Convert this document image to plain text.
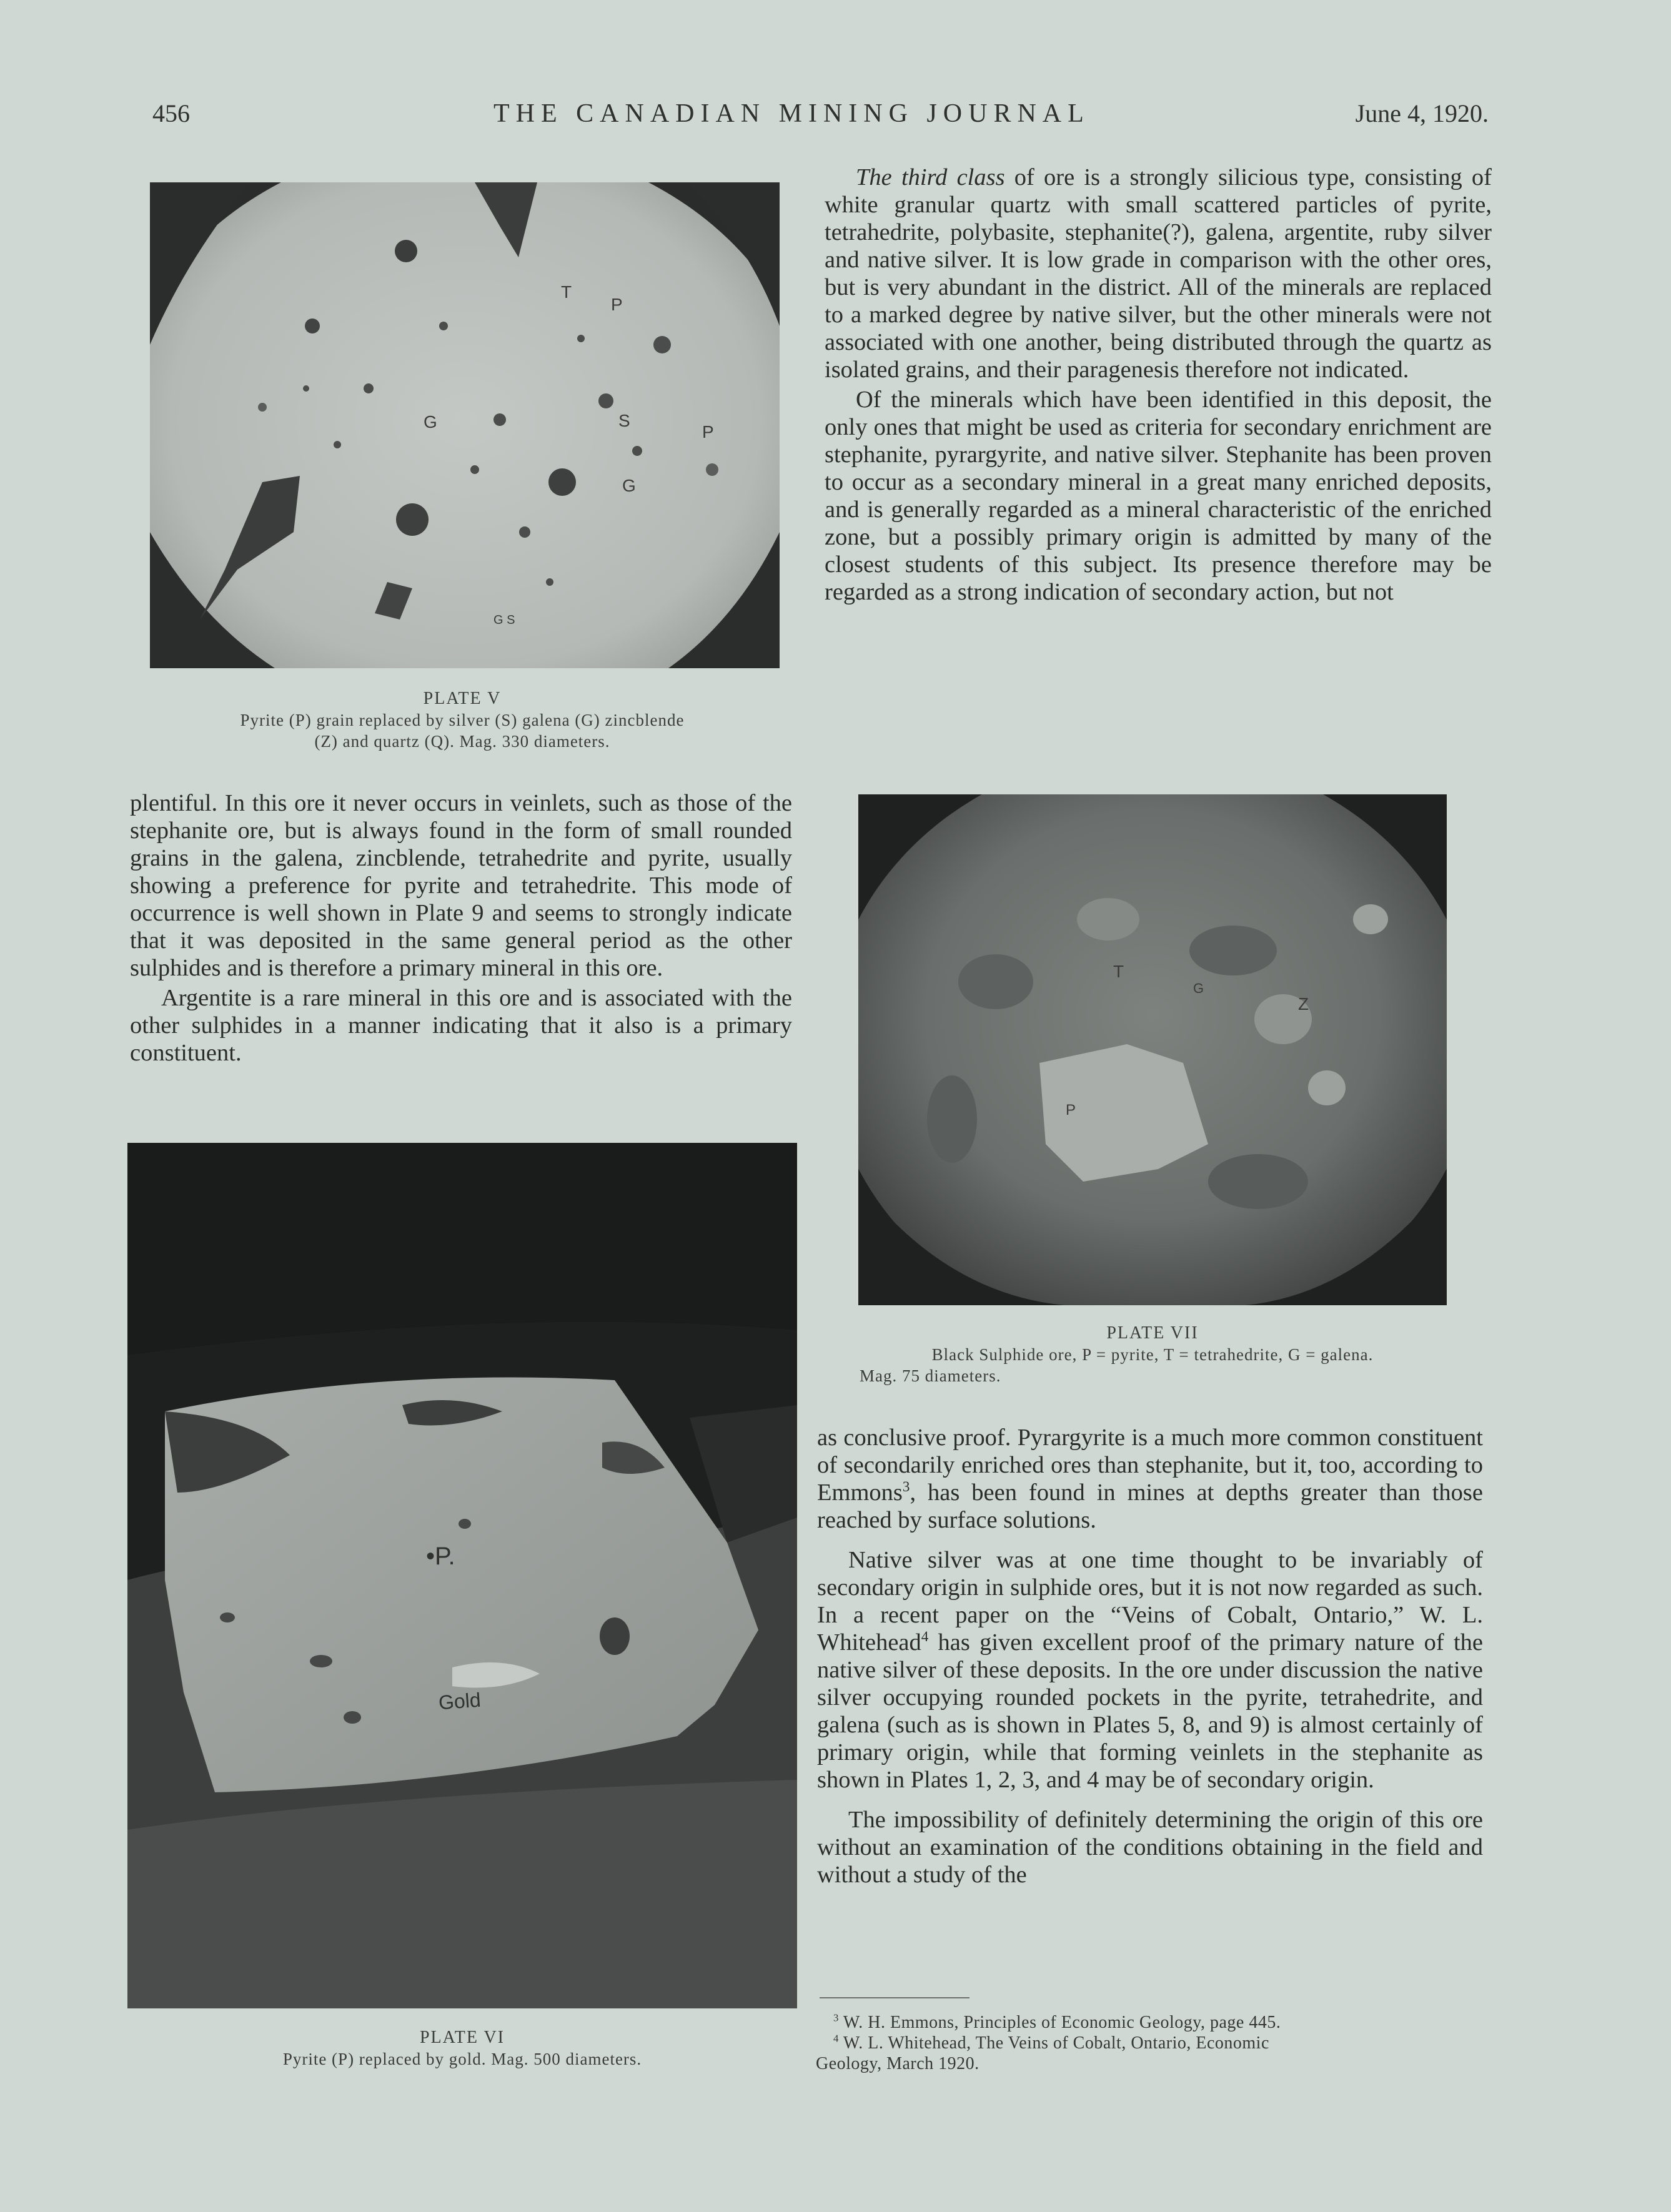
456	THE CANADIAN MINING JOURNAL	June 4, 1920.
T
P
G	S
P
G
G S
PLATE V
Pyrite (P) grain replaced by silver (S) galena (G) zincblende
(Z) and quartz (Q). Mag. 330 diameters.

The third class of ore is a strongly silicious type, consisting of white granular quartz with small scattered particles of pyrite, tetrahedrite, polybasite, stephanite(?), galena, argentite, ruby silver and native silver. It is low grade in comparison with the other ores, but is very abundant in the district. All of the minerals are replaced to a marked degree by native silver, but the other minerals were not associated with one another, being distributed through the quartz as isolated grains, and their paragenesis therefore not indicated.

Of the minerals which have been identified in this deposit, the only ones that might be used as criteria for secondary enrichment are stephanite, pyrargyrite, and native silver. Stephanite has been proven to occur as a secondary mineral in a great many enriched deposits, and is generally regarded as a mineral characteristic of the enriched zone, but a possibly primary origin is admitted by many of the closest students of this subject. Its presence therefore may be regarded as a strong indication of secondary action, but not

plentiful. In this ore it never occurs in veinlets, such as those of the stephanite ore, but is always found in the form of small rounded grains in the galena, zincblende, tetrahedrite and pyrite, usually showing a preference for pyrite and tetrahedrite. This mode of occurrence is well shown in Plate 9 and seems to strongly indicate that it was deposited in the same general period as the other sulphides and is therefore a primary mineral in this ore.

Argentite is a rare mineral in this ore and is associated with the other sulphides in a manner indicating that it also is a primary constituent.

T
G
Z
P
PLATE VII
Black Sulphide ore, P = pyrite, T = tetrahedrite, G = galena.
Mag. 75 diameters.
•P.
Gold
PLATE VI
Pyrite (P) replaced by gold. Mag. 500 diameters.

as conclusive proof. Pyrargyrite is a much more common constituent of secondarily enriched ores than stephanite, but it, too, according to Emmons$^3$, has been found in mines at depths greater than those reached by surface solutions.

Native silver was at one time thought to be invariably of secondary origin in sulphide ores, but it is not now regarded as such. In a recent paper on the “Veins of Cobalt, Ontario,” W. L. Whitehead$^4$ has given excellent proof of the primary nature of the native silver of these deposits. In the ore under discussion the native silver occupying rounded pockets in the pyrite, tetrahedrite, and galena (such as is shown in Plates 5, 8, and 9) is almost certainly of primary origin, while that forming veinlets in the stephanite as shown in Plates 1, 2, 3, and 4 may be of secondary origin.

The impossibility of definitely determining the origin of this ore without an examination of the conditions obtaining in the field and without a study of the

$^3$ W. H. Emmons, Principles of Economic Geology, page 445.
$^4$ W. L. Whitehead, The Veins of Cobalt, Ontario, Economic
Geology, March 1920.
